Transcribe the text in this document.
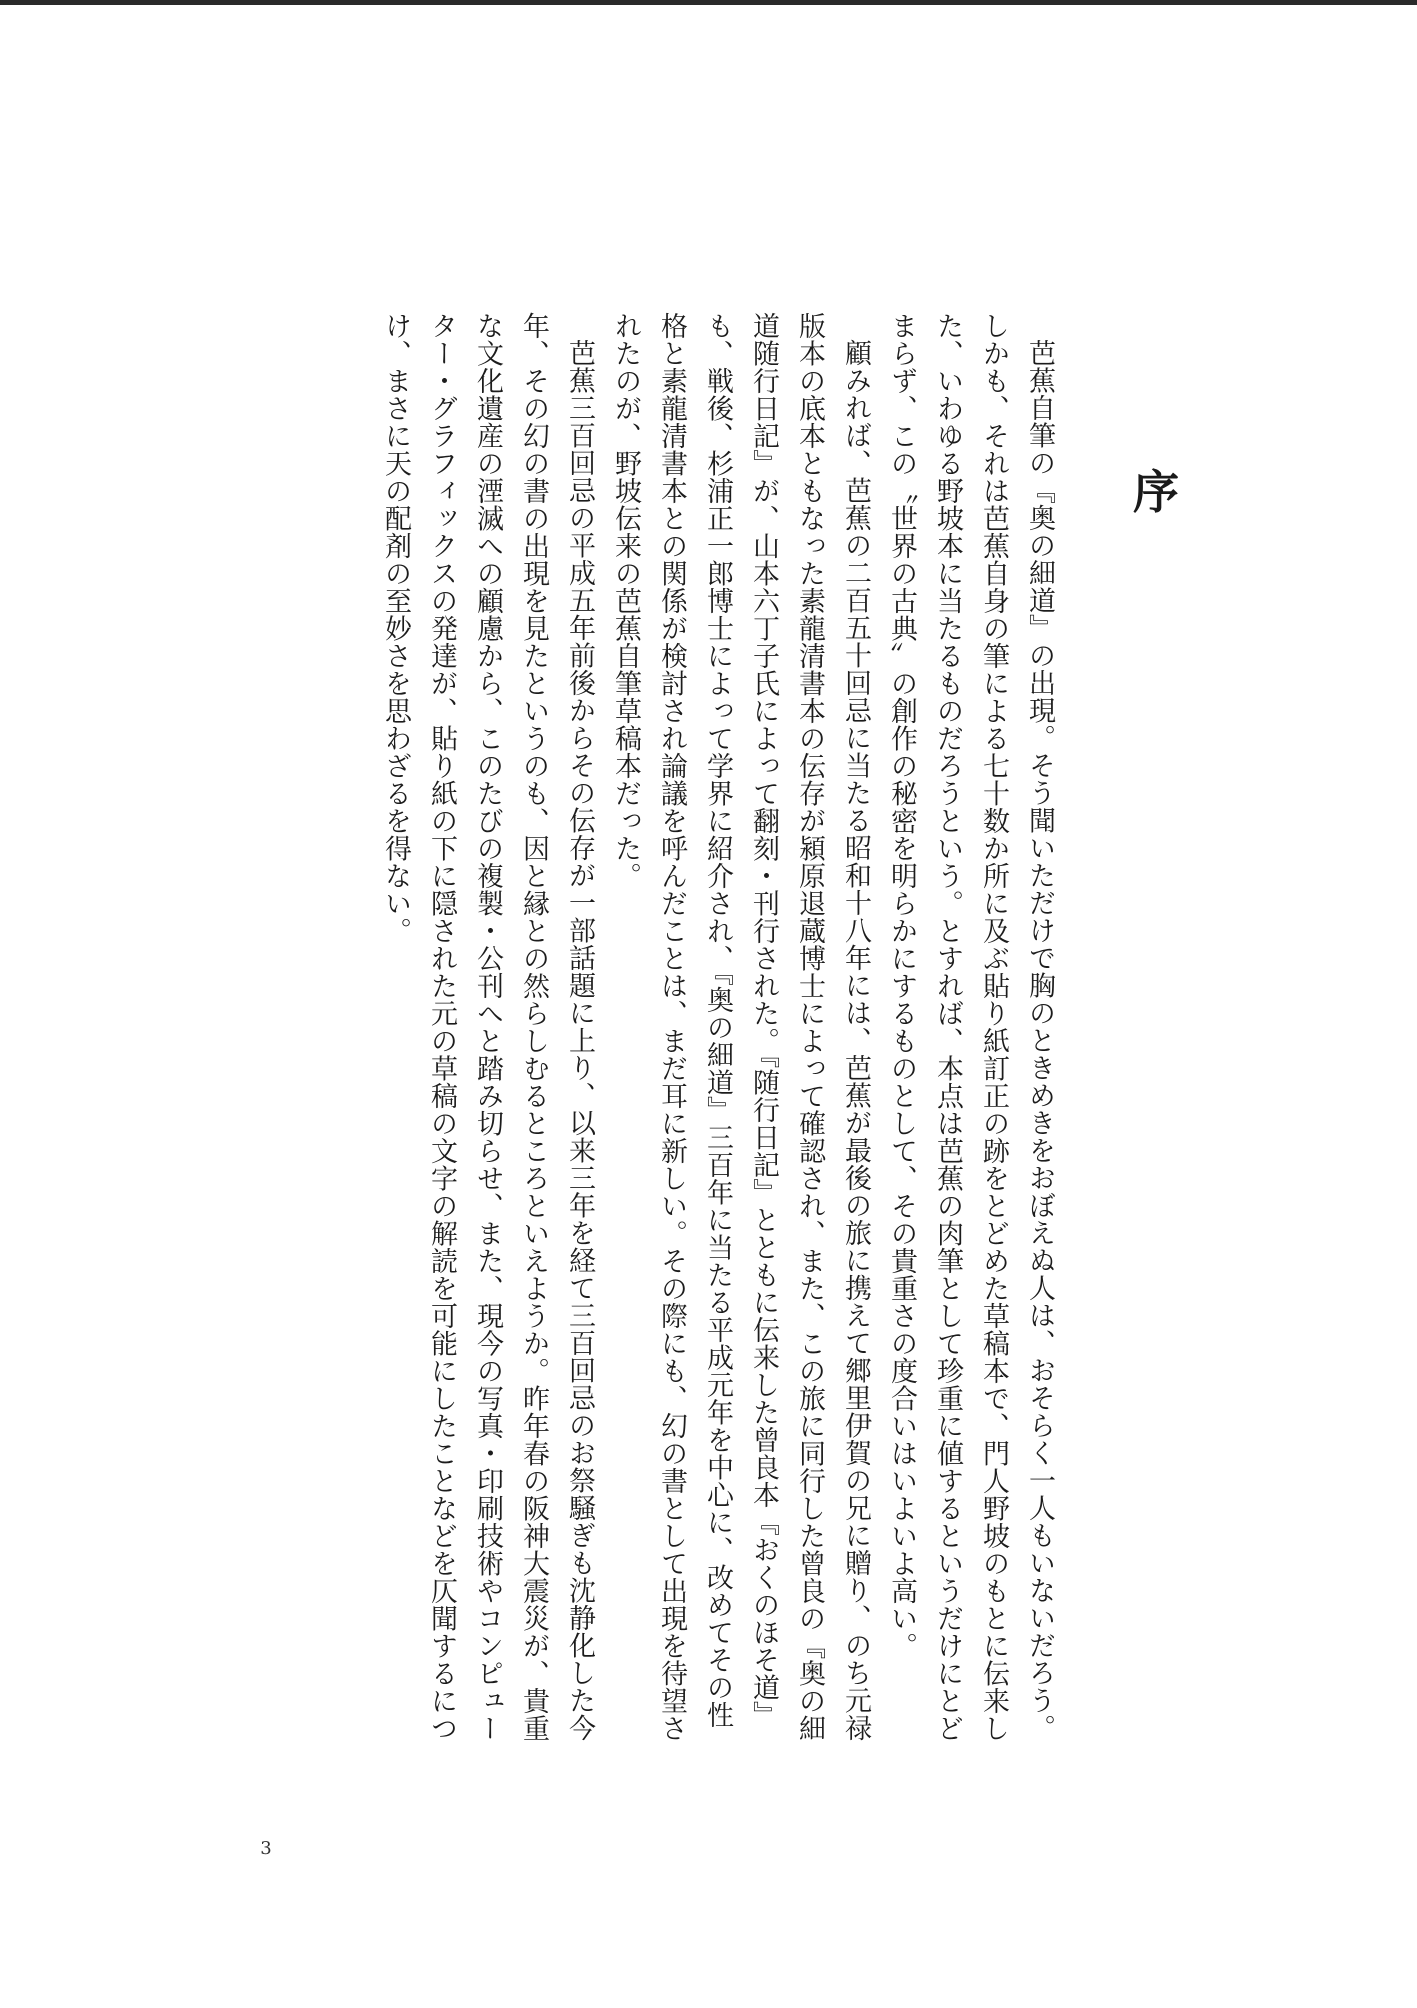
序

芭蕉自筆の『奥の細道』の出現。そう聞いただけで胸のときめきをおぼえぬ人は、おそらく一人もいないだろう。しかも、それは芭蕉自身の筆による七十数か所に及ぶ貼り紙訂正の跡をとどめた草稿本で、門人野坡のもとに伝来した、いわゆる野坡本に当たるものだろうという。とすれば、本点は芭蕉の肉筆として珍重に値するというだけにとどまらず、この〝世界の古典〟の創作の秘密を明らかにするものとして、その貴重さの度合いはいよいよ高い。

顧みれば、芭蕉の二百五十回忌に当たる昭和十八年には、芭蕉が最後の旅に携えて郷里伊賀の兄に贈り、のち元禄版本の底本ともなった素龍清書本の伝存が潁原退蔵博士によって確認され、また、この旅に同行した曾良の『奥の細道随行日記』が、山本六丁子氏によって翻刻・刊行された。『随行日記』とともに伝来した曾良本『おくのほそ道』も、戦後、杉浦正一郎博士によって学界に紹介され、『奥の細道』三百年に当たる平成元年を中心に、改めてその性格と素龍清書本との関係が検討され論議を呼んだことは、まだ耳に新しい。その際にも、幻の書として出現を待望されたのが、野坡伝来の芭蕉自筆草稿本だった。

芭蕉三百回忌の平成五年前後からその伝存が一部話題に上り、以来三年を経て三百回忌のお祭騒ぎも沈静化した今年、その幻の書の出現を見たというのも、因と縁との然らしむるところといえようか。昨年春の阪神大震災が、貴重な文化遺産の湮滅への顧慮から、このたびの複製・公刊へと踏み切らせ、また、現今の写真・印刷技術やコンピューター・グラフィックスの発達が、貼り紙の下に隠された元の草稿の文字の解読を可能にしたことなどを仄聞するにつけ、まさに天の配剤の至妙さを思わざるを得ない。

3
